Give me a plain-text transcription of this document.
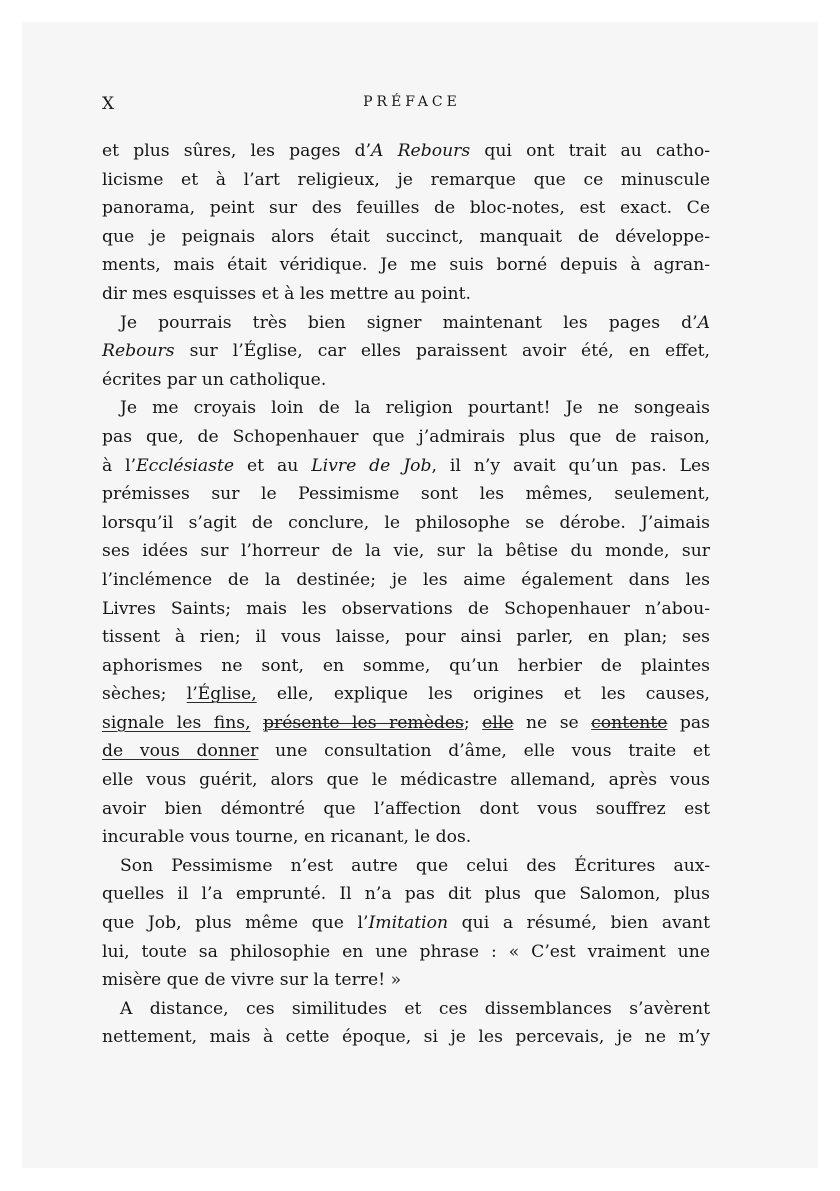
X	PRÉFACE
et plus sûres, les pages d’A Rebours qui ont trait au catho-
licisme et à l’art religieux, je remarque que ce minuscule
panorama, peint sur des feuilles de bloc-notes, est exact. Ce
que je peignais alors était succinct, manquait de développe-
ments, mais était véridique. Je me suis borné depuis à agran-
dir mes esquisses et à les mettre au point.
Je pourrais très bien signer maintenant les pages d’A
Rebours sur l’Église, car elles paraissent avoir été, en effet,
écrites par un catholique.
Je me croyais loin de la religion pourtant! Je ne songeais
pas que, de Schopenhauer que j’admirais plus que de raison,
à l’Ecclésiaste et au Livre de Job, il n’y avait qu’un pas. Les
prémisses sur le Pessimisme sont les mêmes, seulement,
lorsqu’il s’agit de conclure, le philosophe se dérobe. J’aimais
ses idées sur l’horreur de la vie, sur la bêtise du monde, sur
l’inclémence de la destinée; je les aime également dans les
Livres Saints; mais les observations de Schopenhauer n’abou-
tissent à rien; il vous laisse, pour ainsi parler, en plan; ses
aphorismes ne sont, en somme, qu’un herbier de plaintes
sèches; l’Église, elle, explique les origines et les causes,
signale les fins, présente les remèdes; elle ne se contente pas
de vous donner une consultation d’âme, elle vous traite et
elle vous guérit, alors que le médicastre allemand, après vous
avoir bien démontré que l’affection dont vous souffrez est
incurable vous tourne, en ricanant, le dos.
Son Pessimisme n’est autre que celui des Écritures aux-
quelles il l’a emprunté. Il n’a pas dit plus que Salomon, plus
que Job, plus même que l’Imitation qui a résumé, bien avant
lui, toute sa philosophie en une phrase : « C’est vraiment une
misère que de vivre sur la terre! »
A distance, ces similitudes et ces dissemblances s’avèrent
nettement, mais à cette époque, si je les percevais, je ne m’y
